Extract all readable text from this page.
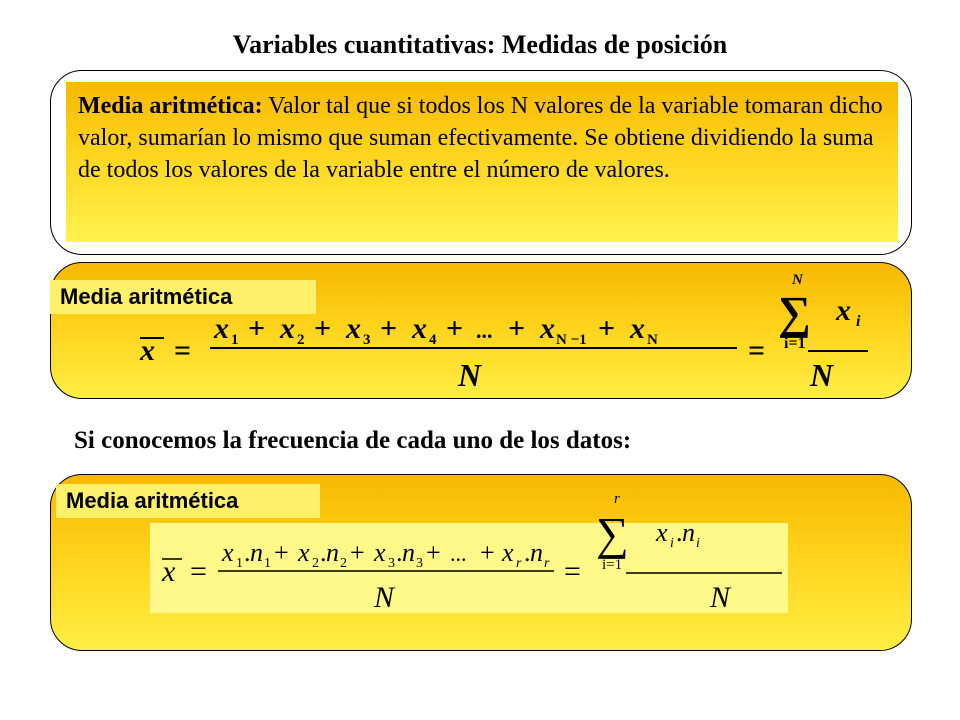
Variables cuantitativas: Medidas de posición
Media aritmética: Valor tal que si todos los N valores de la variable tomaran dicho valor, sumarían lo mismo que suman efectivamente. Se obtiene dividiendo la suma de todos los valores de la variable entre el número de valores.
Media aritmética
x =
x 1 + x 2 + x 3 + x 4 + ... + x N −1 + x N
N
=
N
∑
i=1
x i
N
Si conocemos la frecuencia de cada uno de los datos:
Media aritmética
x =
x 1 . n 1 + x 2 . n 2 + x 3 . n 3 + ... + x r . n r
N
=
r
∑
i=1
x i . n i
N
